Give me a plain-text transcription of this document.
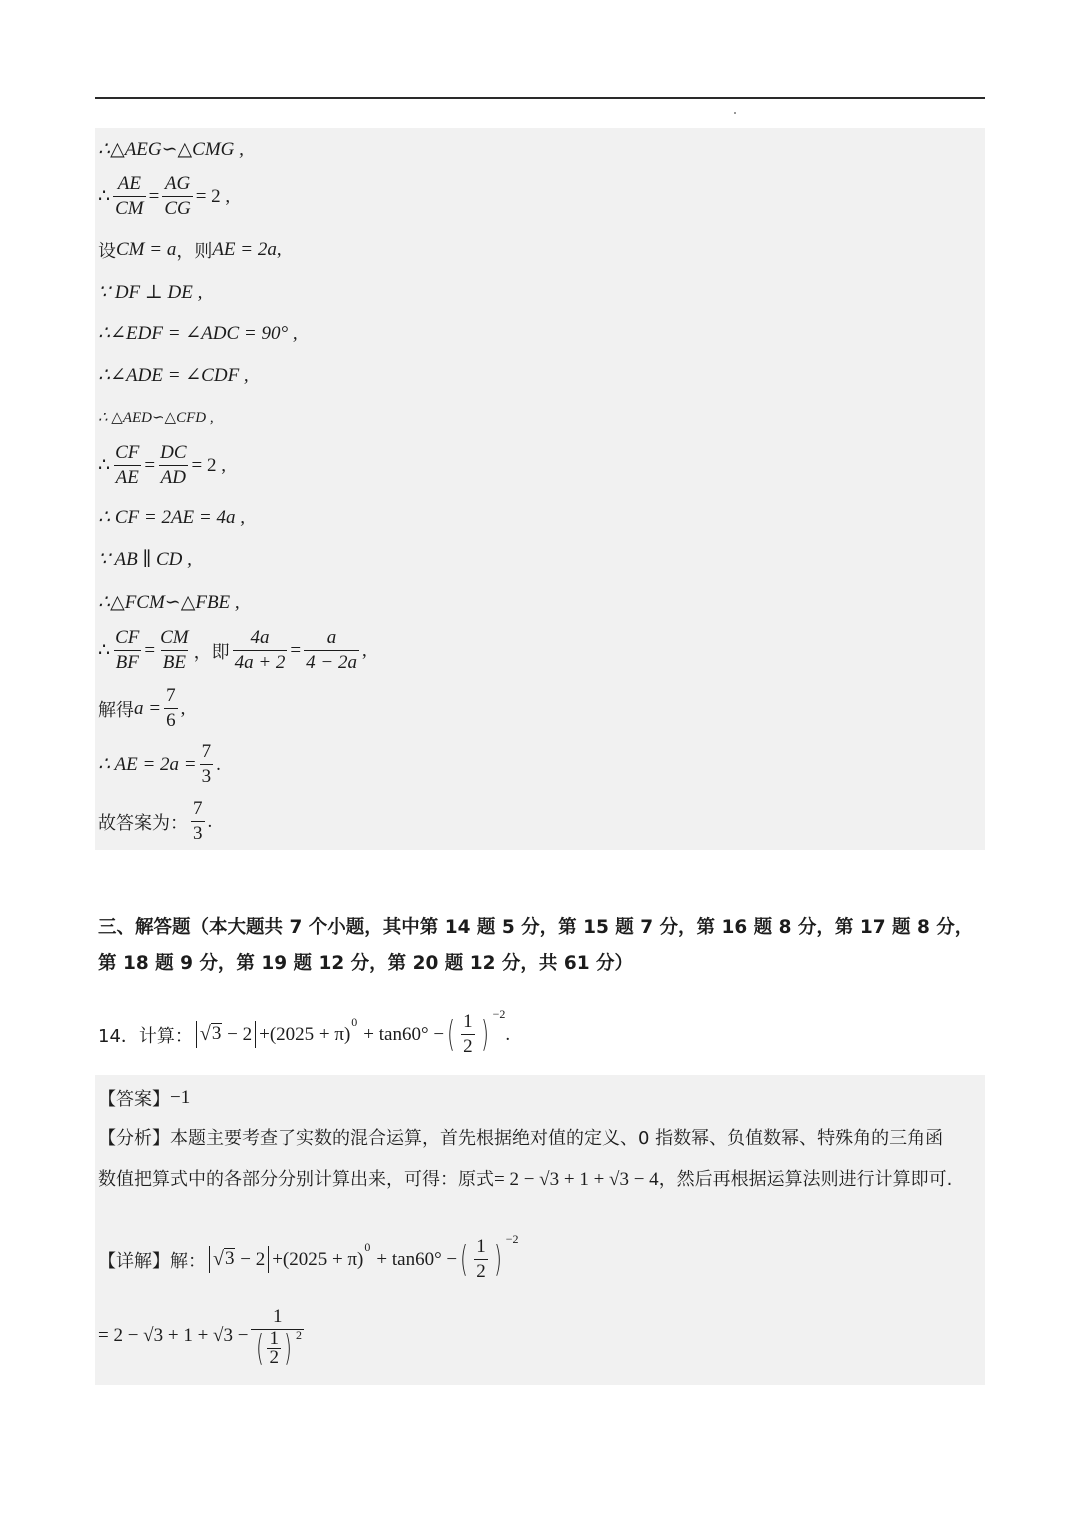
∴△AEG∽△CMG ,
∴ $\frac{AE}{CM} = \frac{AG}{CG} = 2$ ,
设 CM = a ，则 AE = 2a ,
∵ DF ⊥ DE ,
∴∠EDF = ∠ADC = 90° ,
∴∠ADE = ∠CDF ,
∴ △AED∽△CFD ,
∴ $\frac{CF}{AE} = \frac{DC}{AD} = 2$ ,
∴ CF = 2AE = 4a ,
∵ AB ∥ CD ,
∴△FCM∽△FBE ,
∴ $\frac{CF}{BF} = \frac{CM}{BE}$ ，即 $\frac{4a}{4a + 2} = \frac{a}{4 - 2a}$ ,
解得 $a = \frac{7}{6}$ ,
∴ AE = $2a = \frac{7}{3}$ .
故答案为： $\frac{7}{3}$ .
三、解答题（本大题共 7 个小题，其中第 14 题 5 分，第 15 题 7 分，第 16 题 8 分，第 17 题 8 分，第 18 题 9 分，第 19 题 12 分，第 20 题 12 分，共 61 分）
14．计算： √ 3 − 2 + (2025 + π)
0
+ tan60° − ( $\frac{1}{2}$ ) −2
.
【答案】 −1
【分析】本题主要考查了实数的混合运算，首先根据绝对值的定义、0 指数幂、负值数幂、特殊角的三角函
数值把算式中的各部分分别计算出来，可得：原式= 2 − √3 + 1 + √3 − 4，然后再根据运算法则进行计算即可.
【详解】 解： √ 3 − 2 + (2025 + π)
0
+ tan60° − ( $\frac{1}{2}$ ) −2
= $2 - √3 + 1 + √3 - \frac{1}{( \frac{1}{2} ) 2}$
